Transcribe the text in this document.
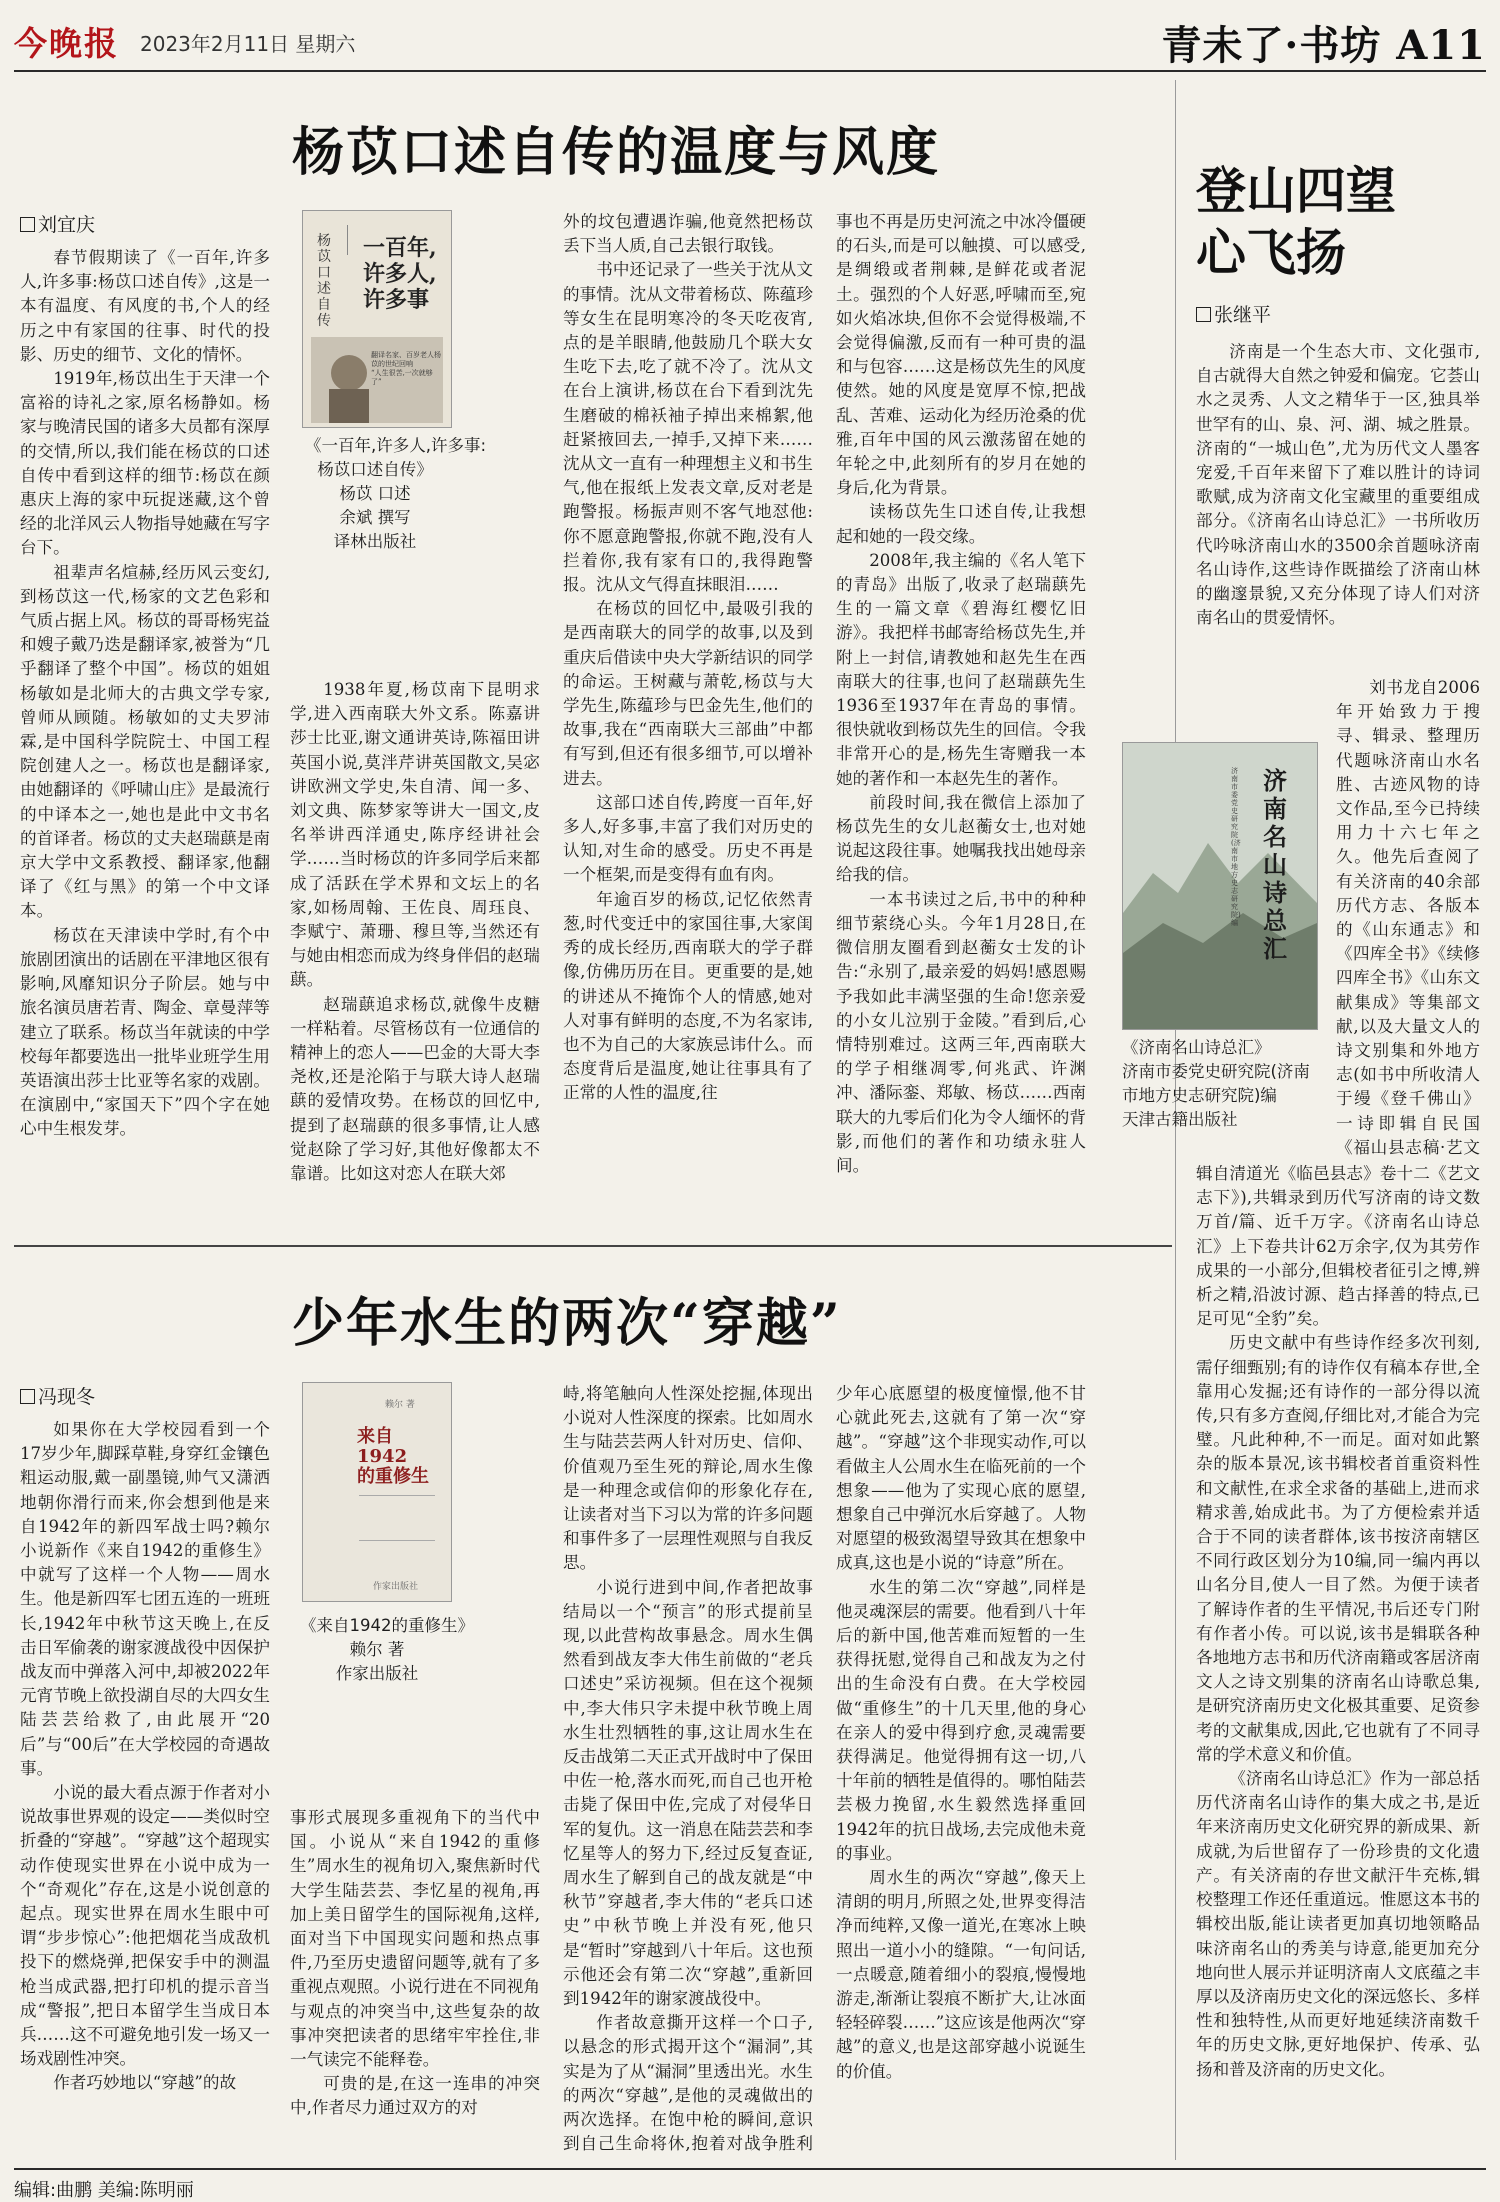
今晚报 2023年2月11日 星期六	青未了·书坊 A11
杨苡口述自传的温度与风度
刘宜庆
杨苡口述自传
一百年,
许多人,
许多事
翻译名家、百岁老人杨苡的世纪回响
“人生很苦,一次就够了”
《一百年,许多人,许多事:
杨苡口述自传》
杨苡 口述
余斌 撰写
译林出版社

春节假期读了《一百年,许多人,许多事:杨苡口述自传》,这是一本有温度、有风度的书,个人的经历之中有家国的往事、时代的投影、历史的细节、文化的情怀。

1919年,杨苡出生于天津一个富裕的诗礼之家,原名杨静如。杨家与晚清民国的诸多大员都有深厚的交情,所以,我们能在杨苡的口述自传中看到这样的细节:杨苡在颜惠庆上海的家中玩捉迷藏,这个曾经的北洋风云人物指导她藏在写字台下。

祖辈声名煊赫,经历风云变幻,到杨苡这一代,杨家的文艺色彩和气质占据上风。杨苡的哥哥杨宪益和嫂子戴乃迭是翻译家,被誉为“几乎翻译了整个中国”。杨苡的姐姐杨敏如是北师大的古典文学专家,曾师从顾随。杨敏如的丈夫罗沛霖,是中国科学院院士、中国工程院创建人之一。杨苡也是翻译家,由她翻译的《呼啸山庄》是最流行的中译本之一,她也是此中文书名的首译者。杨苡的丈夫赵瑞蕻是南京大学中文系教授、翻译家,他翻译了《红与黑》的第一个中文译本。

杨苡在天津读中学时,有个中旅剧团演出的话剧在平津地区很有影响,风靡知识分子阶层。她与中旅名演员唐若青、陶金、章曼萍等建立了联系。杨苡当年就读的中学校每年都要选出一批毕业班学生用英语演出莎士比亚等名家的戏剧。在演剧中,“家国天下”四个字在她心中生根发芽。

1938年夏,杨苡南下昆明求学,进入西南联大外文系。陈嘉讲莎士比亚,谢文通讲英诗,陈福田讲英国小说,莫泮芹讲英国散文,吴宓讲欧洲文学史,朱自清、闻一多、刘文典、陈梦家等讲大一国文,皮名举讲西洋通史,陈序经讲社会学……当时杨苡的许多同学后来都成了活跃在学术界和文坛上的名家,如杨周翰、王佐良、周珏良、李赋宁、萧珊、穆旦等,当然还有与她由相恋而成为终身伴侣的赵瑞蕻。

赵瑞蕻追求杨苡,就像牛皮糖一样粘着。尽管杨苡有一位通信的精神上的恋人——巴金的大哥大李尧枚,还是沦陷于与联大诗人赵瑞蕻的爱情攻势。在杨苡的回忆中,提到了赵瑞蕻的很多事情,让人感觉赵除了学习好,其他好像都太不靠谱。比如这对恋人在联大郊

外的坟包遭遇诈骗,他竟然把杨苡丢下当人质,自己去银行取钱。

书中还记录了一些关于沈从文的事情。沈从文带着杨苡、陈蕴珍等女生在昆明寒冷的冬天吃夜宵,点的是羊眼睛,他鼓励几个联大女生吃下去,吃了就不冷了。沈从文在台上演讲,杨苡在台下看到沈先生磨破的棉袄袖子掉出来棉絮,他赶紧掖回去,一掉手,又掉下来……沈从文一直有一种理想主义和书生气,他在报纸上发表文章,反对老是跑警报。杨振声则不客气地怼他:你不愿意跑警报,你就不跑,没有人拦着你,我有家有口的,我得跑警报。沈从文气得直抹眼泪……

在杨苡的回忆中,最吸引我的是西南联大的同学的故事,以及到重庆后借读中央大学新结识的同学的命运。王树藏与萧乾,杨苡与大学先生,陈蕴珍与巴金先生,他们的故事,我在“西南联大三部曲”中都有写到,但还有很多细节,可以增补进去。

这部口述自传,跨度一百年,好多人,好多事,丰富了我们对历史的认知,对生命的感受。历史不再是一个框架,而是变得有血有肉。

年逾百岁的杨苡,记忆依然青葱,时代变迁中的家国往事,大家闺秀的成长经历,西南联大的学子群像,仿佛历历在目。更重要的是,她的讲述从不掩饰个人的情感,她对人对事有鲜明的态度,不为名家讳,也不为自己的大家族忌讳什么。而态度背后是温度,她让往事具有了正常的人性的温度,往

事也不再是历史河流之中冰冷僵硬的石头,而是可以触摸、可以感受,是绸缎或者荆棘,是鲜花或者泥土。强烈的个人好恶,呼啸而至,宛如火焰冰块,但你不会觉得极端,不会觉得偏激,反而有一种可贵的温和与包容……这是杨苡先生的风度使然。她的风度是宽厚不惊,把战乱、苦难、运动化为经历沧桑的优雅,百年中国的风云激荡留在她的年轮之中,此刻所有的岁月在她的身后,化为背景。

读杨苡先生口述自传,让我想起和她的一段交缘。

2008年,我主编的《名人笔下的青岛》出版了,收录了赵瑞蕻先生的一篇文章《碧海红樱忆旧游》。我把样书邮寄给杨苡先生,并附上一封信,请教她和赵先生在西南联大的往事,也问了赵瑞蕻先生1936至1937年在青岛的事情。很快就收到杨苡先生的回信。令我非常开心的是,杨先生寄赠我一本她的著作和一本赵先生的著作。

前段时间,我在微信上添加了杨苡先生的女儿赵蘅女士,也对她说起这段往事。她嘱我找出她母亲给我的信。

一本书读过之后,书中的种种细节萦绕心头。今年1月28日,在微信朋友圈看到赵蘅女士发的讣告:“永别了,最亲爱的妈妈!感恩赐予我如此丰满坚强的生命!您亲爱的小女儿泣别于金陵。”看到后,心情特别难过。这两三年,西南联大的学子相继凋零,何兆武、许渊冲、潘际銮、郑敏、杨苡……西南联大的九零后们化为令人缅怀的背影,而他们的著作和功绩永驻人间。

少年水生的两次“穿越”
冯现冬	赖尔 著
来自
1942
的重修生
作家出版社
《来自1942的重修生》
赖尔 著
作家出版社

如果你在大学校园看到一个17岁少年,脚踩草鞋,身穿红金镶色粗运动服,戴一副墨镜,帅气又潇洒地朝你滑行而来,你会想到他是来自1942年的新四军战士吗?赖尔小说新作《来自1942的重修生》中就写了这样一个人物——周水生。他是新四军七团五连的一班班长,1942年中秋节这天晚上,在反击日军偷袭的谢家渡战役中因保护战友而中弹落入河中,却被2022年元宵节晚上欲投湖自尽的大四女生陆芸芸给救了,由此展开“20后”与“00后”在大学校园的奇遇故事。

小说的最大看点源于作者对小说故事世界观的设定——类似时空折叠的“穿越”。“穿越”这个超现实动作使现实世界在小说中成为一个“奇观化”存在,这是小说创意的起点。现实世界在周水生眼中可谓“步步惊心”:他把烟花当成敌机投下的燃烧弹,把保安手中的测温枪当成武器,把打印机的提示音当成“警报”,把日本留学生当成日本兵……这不可避免地引发一场又一场戏剧性冲突。

作者巧妙地以“穿越”的故

事形式展现多重视角下的当代中国。小说从“来自1942的重修生”周水生的视角切入,聚焦新时代大学生陆芸芸、李忆星的视角,再加上美日留学生的国际视角,这样,面对当下中国现实问题和热点事件,乃至历史遗留问题等,就有了多重视点观照。小说行进在不同视角与观点的冲突当中,这些复杂的故事冲突把读者的思绪牢牢拴住,非一气读完不能释卷。

可贵的是,在这一连串的冲突中,作者尽力通过双方的对

峙,将笔触向人性深处挖掘,体现出小说对人性深度的探索。比如周水生与陆芸芸两人针对历史、信仰、价值观乃至生死的辩论,周水生像是一种理念或信仰的形象化存在,让读者对当下习以为常的许多问题和事件多了一层理性观照与自我反思。

小说行进到中间,作者把故事结局以一个“预言”的形式提前呈现,以此营构故事悬念。周水生偶然看到战友李大伟生前做的“老兵口述史”采访视频。但在这个视频中,李大伟只字未提中秋节晚上周水生壮烈牺牲的事,这让周水生在反击战第二天正式开战时中了保田中佐一枪,落水而死,而自己也开枪击毙了保田中佐,完成了对侵华日军的复仇。这一消息在陆芸芸和李忆星等人的努力下,经过反复查证,周水生了解到自己的战友就是“中秋节”穿越者,李大伟的“老兵口述史”中秋节晚上并没有死,他只是“暂时”穿越到八十年后。这也预示他还会有第二次“穿越”,重新回到1942年的谢家渡战役中。

作者故意撕开这样一个口子,以悬念的形式揭开这个“漏洞”,其实是为了从“漏洞”里透出光。水生的两次“穿越”,是他的灵魂做出的两次选择。在饱中枪的瞬间,意识到自己生命将休,抱着对战争胜利

少年心底愿望的极度憧憬,他不甘心就此死去,这就有了第一次“穿越”。“穿越”这个非现实动作,可以看做主人公周水生在临死前的一个想象——他为了实现心底的愿望,想象自己中弹沉水后穿越了。人物对愿望的极致渴望导致其在想象中成真,这也是小说的“诗意”所在。

水生的第二次“穿越”,同样是他灵魂深层的需要。他看到八十年后的新中国,他苦难而短暂的一生获得抚慰,觉得自己和战友为之付出的生命没有白费。在大学校园做“重修生”的十几天里,他的身心在亲人的爱中得到疗愈,灵魂需要获得满足。他觉得拥有这一切,八十年前的牺牲是值得的。哪怕陆芸芸极力挽留,水生毅然选择重回1942年的抗日战场,去完成他未竟的事业。

周水生的两次“穿越”,像天上清朗的明月,所照之处,世界变得洁净而纯粹,又像一道光,在寒冰上映照出一道小小的缝隙。“一旬问话,一点暖意,随着细小的裂痕,慢慢地游走,渐渐让裂痕不断扩大,让冰面轻轻碎裂……”这应该是他两次“穿越”的意义,也是这部穿越小说诞生的价值。

登山四望
心飞扬
张继平

济南是一个生态大市、文化强市,自古就得大自然之钟爱和偏宠。它荟山水之灵秀、人文之精华于一区,独具举世罕有的山、泉、河、湖、城之胜景。济南的“一城山色”,尤为历代文人墨客宠爱,千百年来留下了难以胜计的诗词歌赋,成为济南文化宝藏里的重要组成部分。《济南名山诗总汇》一书所收历代吟咏济南山水的3500余首题咏济南名山诗作,这些诗作既描绘了济南山林的幽邃景貌,又充分体现了诗人们对济南名山的贯爱情怀。

济南名山诗总汇
济南市委党史研究院(济南市地方史志研究院) 编
《济南名山诗总汇》
济南市委党史研究院(济南市地方史志研究院)编
天津古籍出版社

刘书龙自2006年开始致力于搜寻、辑录、整理历代题咏济南山水名胜、古迹风物的诗文作品,至今已持续用力十六七年之久。他先后查阅了有关济南的40余部历代方志、各版本的《山东通志》和《四库全书》《续修四库全书》《山东文献集成》等集部文献,以及大量文人的诗文别集和外地方志(如书中所收清人于缦《登千佛山》一诗即辑自民国《福山县志稿·艺文

辑自清道光《临邑县志》卷十二《艺文志下》),共辑录到历代写济南的诗文数万首/篇、近千万字。《济南名山诗总汇》上下卷共计62万余字,仅为其劳作成果的一小部分,但辑校者征引之博,辨析之精,沿波讨源、趋古择善的特点,已足可见“全豹”矣。

历史文献中有些诗作经多次刊刻,需仔细甄别;有的诗作仅有稿本存世,全靠用心发掘;还有诗作的一部分得以流传,只有多方查阅,仔细比对,才能合为完璧。凡此种种,不一而足。面对如此繁杂的版本景况,该书辑校者首重资料性和文献性,在求全求备的基础上,进而求精求善,始成此书。为了方便检索并适合于不同的读者群体,该书按济南辖区不同行政区划分为10编,同一编内再以山名分目,使人一目了然。为便于读者了解诗作者的生平情况,书后还专门附有作者小传。可以说,该书是辑联各种各地地方志书和历代济南籍或客居济南文人之诗文别集的济南名山诗歌总集,是研究济南历史文化极其重要、足资参考的文献集成,因此,它也就有了不同寻常的学术意义和价值。

《济南名山诗总汇》作为一部总括历代济南名山诗作的集大成之书,是近年来济南历史文化研究界的新成果、新成就,为后世留存了一份珍贵的文化遗产。有关济南的存世文献汗牛充栋,辑校整理工作还任重道远。惟愿这本书的辑校出版,能让读者更加真切地领略品味济南名山的秀美与诗意,能更加充分地向世人展示并证明济南人文底蕴之丰厚以及济南历史文化的深远悠长、多样性和独特性,从而更好地延续济南数千年的历史文脉,更好地保护、传承、弘扬和普及济南的历史文化。

编辑:曲鹏 美编:陈明丽
